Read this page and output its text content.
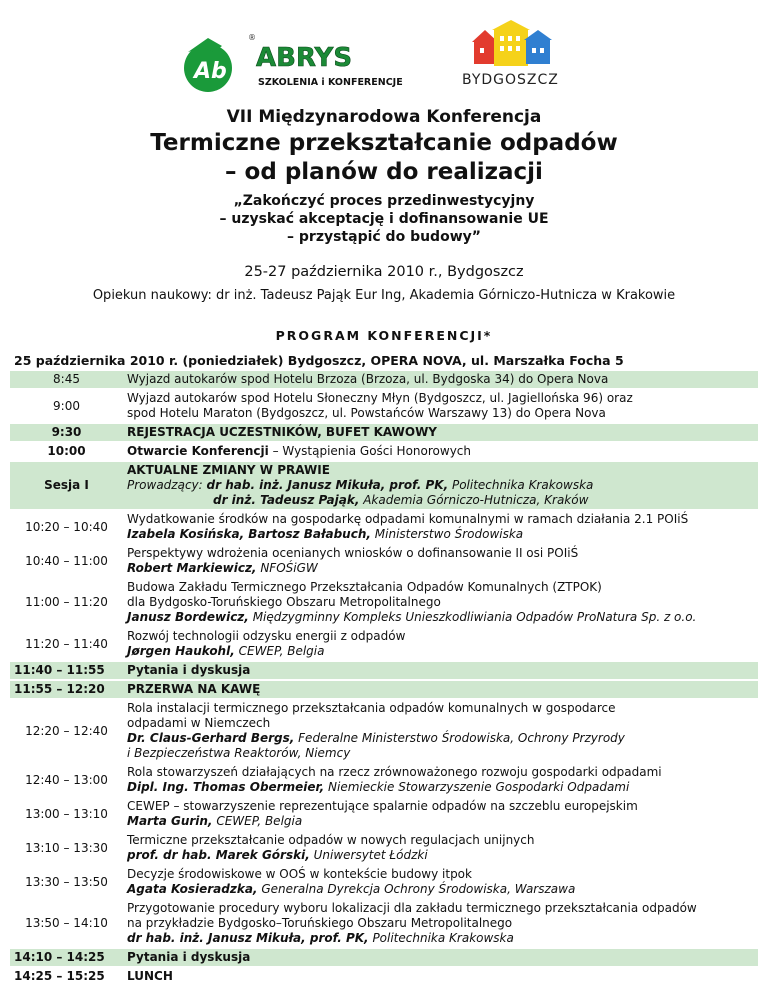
Ab
®
ABRYS
SZKOLENIA i KONFERENCJE	BYDGOSZCZ
VII Międzynarodowa Konferencja
Termiczne przekształcanie odpadów
– od planów do realizacji
„Zakończyć proces przedinwestycyjny
– uzyskać akceptację i dofinansowanie UE
– przystąpić do budowy”
25-27 października 2010 r., Bydgoszcz
Opiekun naukowy: dr inż. Tadeusz Pająk Eur Ing, Akademia Górniczo-Hutnicza w Krakowie
PROGRAM KONFERENCJI*
25 października 2010 r. (poniedziałek) Bydgoszcz, OPERA NOVA, ul. Marszałka Focha 5
8:45	Wyjazd autokarów spod Hotelu Brzoza (Brzoza, ul. Bydgoska 34) do Opera Nova
9:00	Wyjazd autokarów spod Hotelu Słoneczny Młyn (Bydgoszcz, ul. Jagiellońska 96) oraz
spod Hotelu Maraton (Bydgoszcz, ul. Powstańców Warszawy 13) do Opera Nova
9:30	REJESTRACJA UCZESTNIKÓW, BUFET KAWOWY
10:00	Otwarcie Konferencji – Wystąpienia Gości Honorowych
Sesja I	AKTUALNE ZMIANY W PRAWIE
Prowadzący: dr hab. inż. Janusz Mikuła, prof. PK, Politechnika Krakowska
dr inż. Tadeusz Pająk, Akademia Górniczo-Hutnicza, Kraków
10:20 – 10:40	Wydatkowanie środków na gospodarkę odpadami komunalnymi w ramach działania 2.1 POIiŚ
Izabela Kosińska, Bartosz Bałabuch, Ministerstwo Środowiska
10:40 – 11:00	Perspektywy wdrożenia ocenianych wniosków o dofinansowanie II osi POIiŚ
Robert Markiewicz, NFOŚiGW
11:00 – 11:20	Budowa Zakładu Termicznego Przekształcania Odpadów Komunalnych (ZTPOK)
dla Bydgosko-Toruńskiego Obszaru Metropolitalnego
Janusz Bordewicz, Międzygminny Kompleks Unieszkodliwiania Odpadów ProNatura Sp. z o.o.
11:20 – 11:40	Rozwój technologii odzysku energii z odpadów
Jørgen Haukohl, CEWEP, Belgia
11:40 – 11:55	Pytania i dyskusja
11:55 – 12:20	PRZERWA NA KAWĘ
12:20 – 12:40	Rola instalacji termicznego przekształcania odpadów komunalnych w gospodarce
odpadami w Niemczech
Dr. Claus-Gerhard Bergs, Federalne Ministerstwo Środowiska, Ochrony Przyrody
i Bezpieczeństwa Reaktorów, Niemcy
12:40 – 13:00	Rola stowarzyszeń działających na rzecz zrównoważonego rozwoju gospodarki odpadami
Dipl. Ing. Thomas Obermeier, Niemieckie Stowarzyszenie Gospodarki Odpadami
13:00 – 13:10	CEWEP – stowarzyszenie reprezentujące spalarnie odpadów na szczeblu europejskim
Marta Gurin, CEWEP, Belgia
13:10 – 13:30	Termiczne przekształcanie odpadów w nowych regulacjach unijnych
prof. dr hab. Marek Górski, Uniwersytet Łódzki
13:30 – 13:50	Decyzje środowiskowe w OOŚ w kontekście budowy itpok
Agata Kosieradzka, Generalna Dyrekcja Ochrony Środowiska, Warszawa
13:50 – 14:10	Przygotowanie procedury wyboru lokalizacji dla zakładu termicznego przekształcania odpadów
na przykładzie Bydgosko–Toruńskiego Obszaru Metropolitalnego
dr hab. inż. Janusz Mikuła, prof. PK, Politechnika Krakowska
14:10 – 14:25	Pytania i dyskusja
14:25 – 15:25	LUNCH
